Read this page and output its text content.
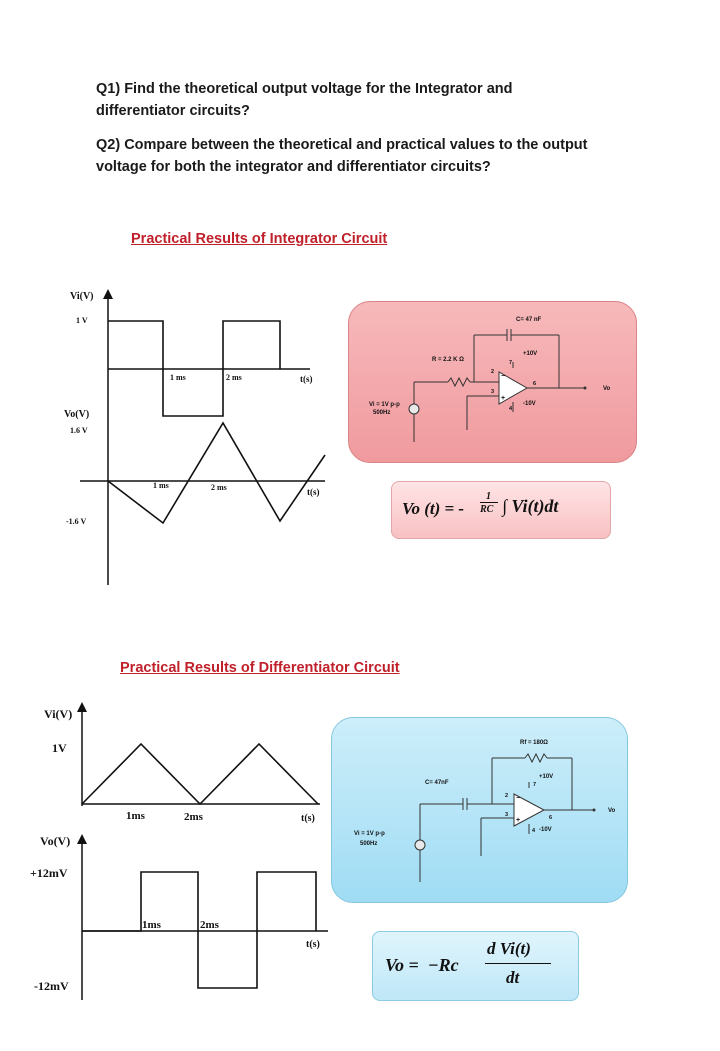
Q1) Find the theoretical output voltage for the Integrator and differentiator circuits?
Q2) Compare between the theoretical and practical values to the output voltage for both the integrator and differentiator circuits?
Practical Results of Integrator Circuit
Vi(V)
1 V
1 ms	2 ms	t(s)
Vo(V)
1.6 V
-1.6 V
1 ms	2 ms	t(s)
C= 47 nF
R = 2.2 K Ω
+10V
-10V
Vi = 1V p-p
500Hz
Vo
2
3
7
4
6
−
+
Vo (t) = -
1
RC ∫ Vi(t)dt
Practical Results of Differentiator Circuit
Vi(V)
1V
1ms	2ms	t(s)
Vo(V)
+12mV
-12mV
1ms	2ms
t(s)
Rf = 180Ω
C= 47nF
+10V
-10V
Vi = 1V p-p
500Hz
Vo
2
3
7
4
6
−
+
Vo =  −Rc
d Vi(t)
dt
